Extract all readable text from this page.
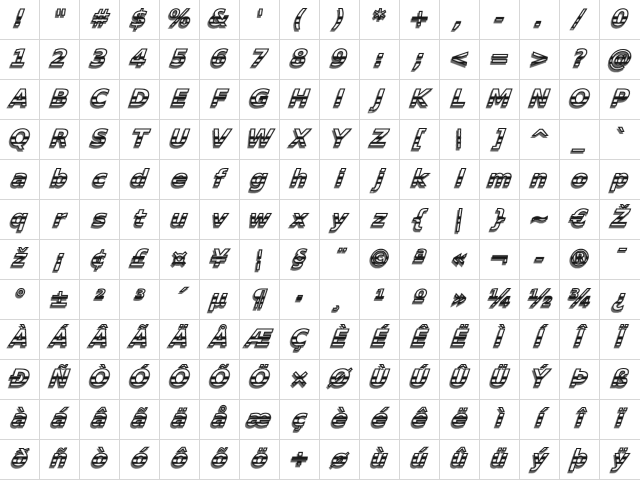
! " # $ % & ' ( ) * + , - . / 0
1 2 3 4 5 6 7 8 9 : ; < = > ? @
A B C D E F G H I J K L M N O P
Q R S T U V W X Y Z [ \ ] ^ _ `
a b c d e f g h i j k l m n o p
q r s t u v w x y z { | } ~ € Ž
ž ¡ ¢ £ ¤ ¥ ¦ § ¨ © ª « ¬ - ® ¯
° ± ² ³ ´ µ ¶ · ¸ ¹ º » ¼ ½ ¾ ¿
À Á Â Ã Ä Å Æ Ç È É Ê Ë Ì Í Î Ï
Ð Ñ Ò Ó Ô Õ Ö × Ø Ù Ú Û Ü Ý Þ ß
à á â ã ä å æ ç è é ê ë ì í î ï
ð ñ ò ó ô õ ö ÷ ø ù ú û ü ý þ ÿ
